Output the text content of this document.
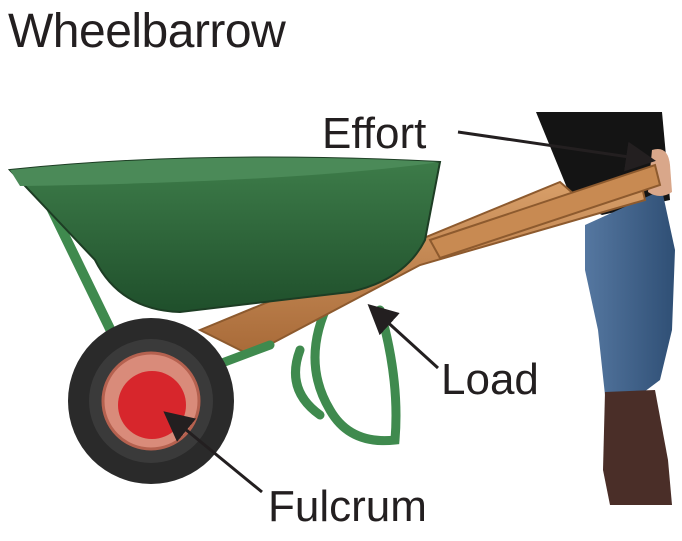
Wheelbarrow
Effort
Load
Fulcrum
